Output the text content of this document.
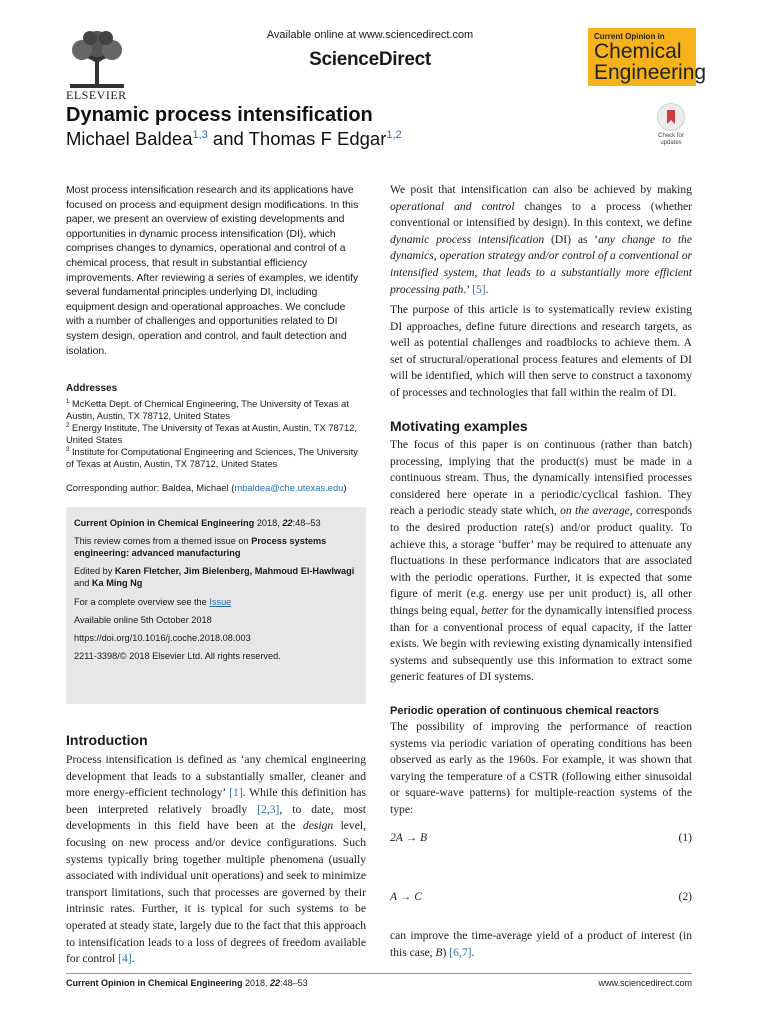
ELSEVIER
Available online at www.sciencedirect.com
ScienceDirect
Current Opinion in
Chemical
Engineering
Check for updates
Dynamic process intensification
Michael Baldea$^{1,3}$ and Thomas F Edgar$^{1,2}$
Most process intensification research and its applications have focused on process and equipment design modifications. In this paper, we present an overview of existing developments and opportunities in dynamic process intensification (DI), which comprises changes to dynamics, operational and control of a chemical process, that result in substantial efficiency improvements. After reviewing a series of examples, we identify several fundamental principles underlying DI, including equipment design and operational approaches. We conclude with a number of challenges and opportunities related to DI system design, operation and control, and fault detection and isolation.
Addresses
$^1$ McKetta Dept. of Chemical Engineering, The University of Texas at Austin, Austin, TX 78712, United States
$^2$ Energy Institute, The University of Texas at Austin, Austin, TX 78712, United States
$^3$ Institute for Computational Engineering and Sciences, The University of Texas at Austin, Austin, TX 78712, United States
Corresponding author: Baldea, Michael (mbaldea@che.utexas.edu)
Current Opinion in Chemical Engineering 2018, 22:48–53
This review comes from a themed issue on Process systems engineering: advanced manufacturing
Edited by Karen Fletcher, Jim Bielenberg, Mahmoud El-Hawlwagi and Ka Ming Ng
For a complete overview see the Issue
Available online 5th October 2018
https://doi.org/10.1016/j.coche.2018.08.003
2211-3398/© 2018 Elsevier Ltd. All rights reserved.
Introduction
Process intensification is defined as ‘any chemical engineering development that leads to a substantially smaller, cleaner and more energy-efficient technology’ [1]. While this definition has been interpreted relatively broadly [2,3], to date, most developments in this field have been at the design level, focusing on new process and/or device configurations. Such systems typically bring together multiple phenomena (usually associated with individual unit operations) and seek to minimize transport limitations, such that processes are governed by their intrinsic rates. Further, it is typical for such systems to be operated at steady state, largely due to the fact that this approach to intensification leads to a loss of degrees of freedom available for control [4].
We posit that intensification can also be achieved by making operational and control changes to a process (whether conventional or intensified by design). In this context, we define dynamic process intensification (DI) as ‘any change to the dynamics, operation strategy and/or control of a conventional or intensified system, that leads to a substantially more efficient processing path.’ [5].
The purpose of this article is to systematically review existing DI approaches, define future directions and research targets, as well as potential challenges and roadblocks to achieve them. A set of structural/operational process features and elements of DI will be identified, which will then serve to construct a taxonomy of processes and technologies that fall within the realm of DI.
Motivating examples
The focus of this paper is on continuous (rather than batch) processing, implying that the product(s) must be made in a continuous stream. Thus, the dynamically intensified processes considered here operate in a periodic/cyclical fashion. They reach a periodic steady state which, on the average, corresponds to the desired production rate(s) and/or product quality. To achieve this, a storage ‘buffer’ may be required to attenuate any fluctuations in these performance indicators that are associated with the periodic operations. Further, it is expected that some figure of merit (e.g. energy use per unit product) is, all other things being equal, better for the dynamically intensified process than for a conventional process of equal capacity, if the latter exists. We begin with reviewing existing dynamically intensified systems and subsequently use this information to extract some generic features of DI systems.
Periodic operation of continuous chemical reactors
The possibility of improving the performance of reaction systems via periodic variation of operating conditions has been observed as early as the 1960s. For example, it was shown that varying the temperature of a CSTR (following either sinusoidal or square-wave patterns) for multiple-reaction systems of the type:
2A → B	(1)
A → C	(2)
can improve the time-average yield of a product of interest (in this case, B) [6,7].
Current Opinion in Chemical Engineering 2018, 22:48–53	www.sciencedirect.com
